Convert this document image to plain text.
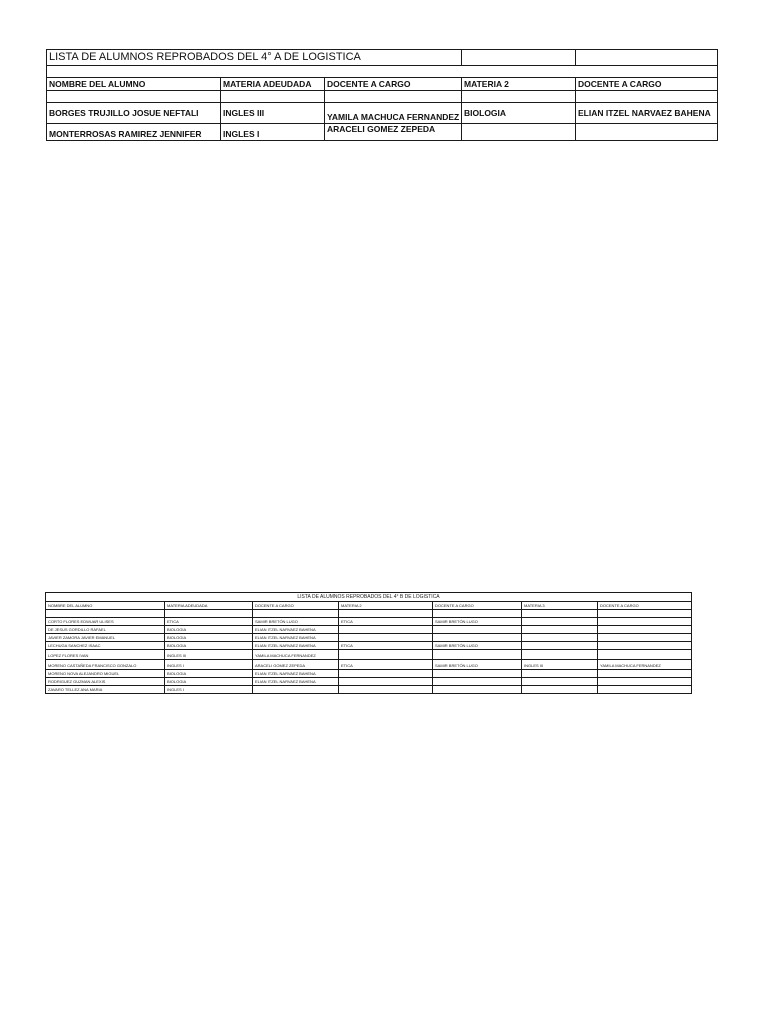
LISTA DE ALUMNOS REPROBADOS DEL 4° A DE LOGISTICA				

NOMBRE DEL ALUMNO	MATERIA ADEUDADA	DOCENTE A CARGO	MATERIA 2	DOCENTE A CARGO

BORGES TRUJILLO JOSUE NEFTALI	INGLES III	YAMILA MACHUCA FERNANDEZ	BIOLOGIA	ELIAN ITZEL NARVAEZ BAHENA
MONTERROSAS RAMIREZ JENNIFER	INGLES I	ARACELI GOMEZ ZEPEDA		
LISTA DE ALUMNOS REPROBADOS DEL 4° B DE LOGISTICA						
NOMBRE DEL ALUMNO	MATERIA ADEUDADA	DOCENTE A CARGO	MATERIA 2	DOCENTE A CARGO	MATERIA 3	DOCENTE A CARGO

CORTO FLORES EDWUAR ULISES	ETICA	SAMIR BRETÓN LUGO	ETICA	SAMIR BRETÓN LUGO		
DE JESUS GORDILLO RAFAEL	BIOLOGIA	ELIAN ITZEL NARVAEZ BAHENA				
JAVIER ZAMORA JAVIER EMANUEL	BIOLOGIA	ELIAN ITZEL NARVAEZ BAHENA				
LECHUGA SANCHEZ ISAAC	BIOLOGIA	ELIAN ITZEL NARVAEZ BAHENA	ETICA	SAMIR BRETÓN LUGO		
LOPEZ FLORES IVAN	INGLES III	YAMILA MACHUCA FERNANDEZ				
MORENO CASTAÑEDA FRANCISCO GONZALO	INGLES I	ARACELI GOMEZ ZEPEDA	ETICA	SAMIR BRETÓN LUGO	INGLES III	YAMILA MACHUCA FERNANDEZ
MORENO NOVA ALEJANDRO MIGUEL	BIOLOGIA	ELIAN ITZEL NARVAEZ BAHENA				
RODRIGUEZ GUZMAN ALEXIS	BIOLOGIA	ELIAN ITZEL NARVAEZ BAHENA				
ZAVARO TELLEZ ANA MARIA	INGLES I					
